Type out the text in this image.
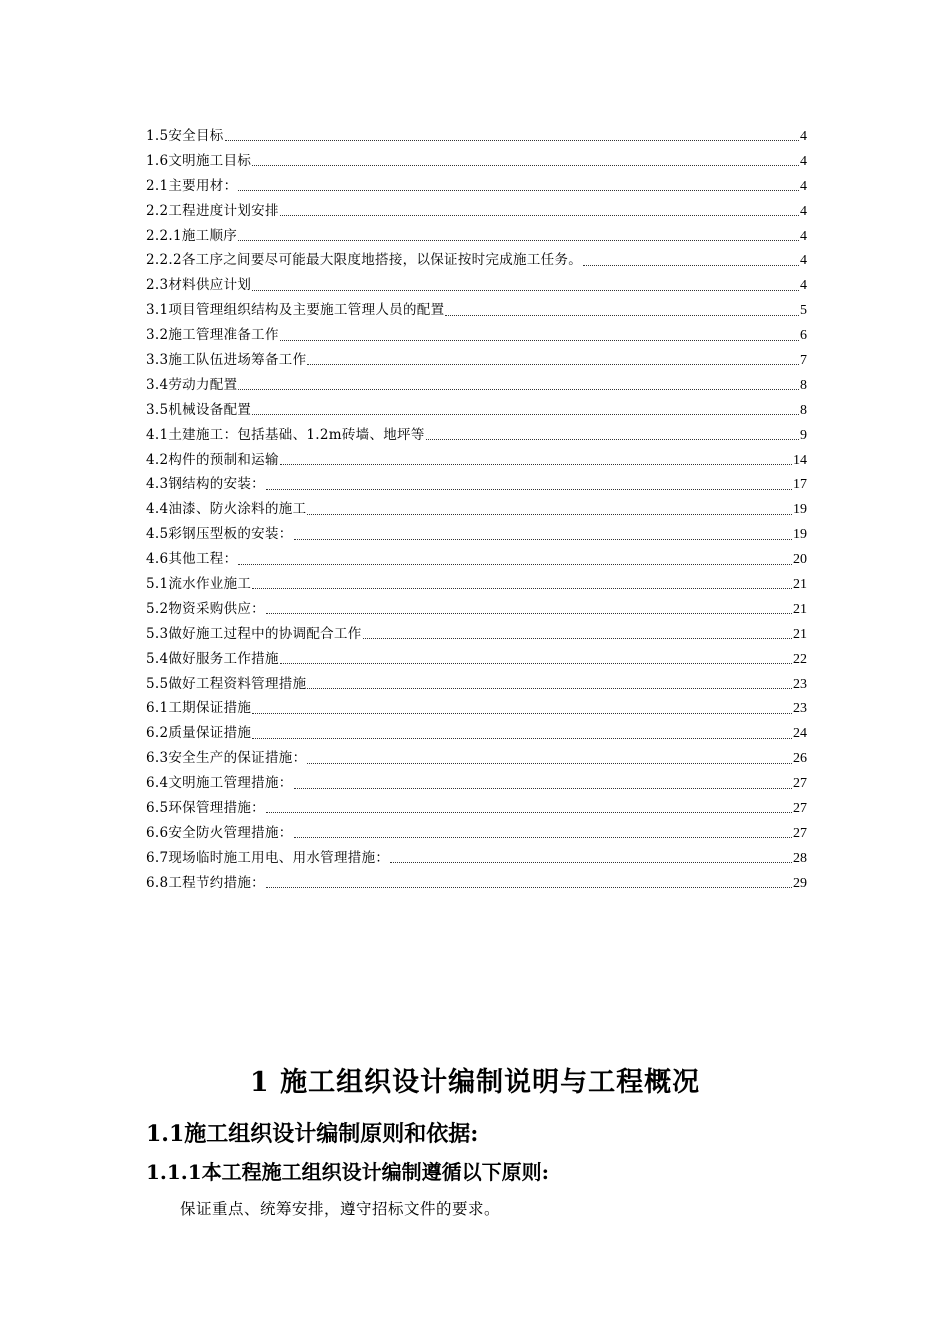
1.5安全目标	4
1.6文明施工目标	4
2.1主要用材：	4
2.2工程进度计划安排	4
2.2.1施工顺序	4
2.2.2各工序之间要尽可能最大限度地搭接，以保证按时完成施工任务。	4
2.3材料供应计划	4
3.1项目管理组织结构及主要施工管理人员的配置	5
3.2施工管理准备工作	6
3.3施工队伍进场筹备工作	7
3.4劳动力配置	8
3.5机械设备配置	8
4.1土建施工：包括基础、1.2m砖墙、地坪等	9
4.2构件的预制和运输	14
4.3钢结构的安装：	17
4.4油漆、防火涂料的施工	19
4.5彩钢压型板的安装：	19
4.6其他工程：	20
5.1流水作业施工	21
5.2物资采购供应：	21
5.3做好施工过程中的协调配合工作	21
5.4做好服务工作措施	22
5.5做好工程资料管理措施	23
6.1工期保证措施	23
6.2质量保证措施	24
6.3安全生产的保证措施：	26
6.4文明施工管理措施：	27
6.5环保管理措施：	27
6.6安全防火管理措施：	27
6.7现场临时施工用电、用水管理措施：	28
6.8工程节约措施：	29
1 施工组织设计编制说明与工程概况
1.1施工组织设计编制原则和依据:
1.1.1本工程施工组织设计编制遵循以下原则:

保证重点、统筹安排，遵守招标文件的要求。
